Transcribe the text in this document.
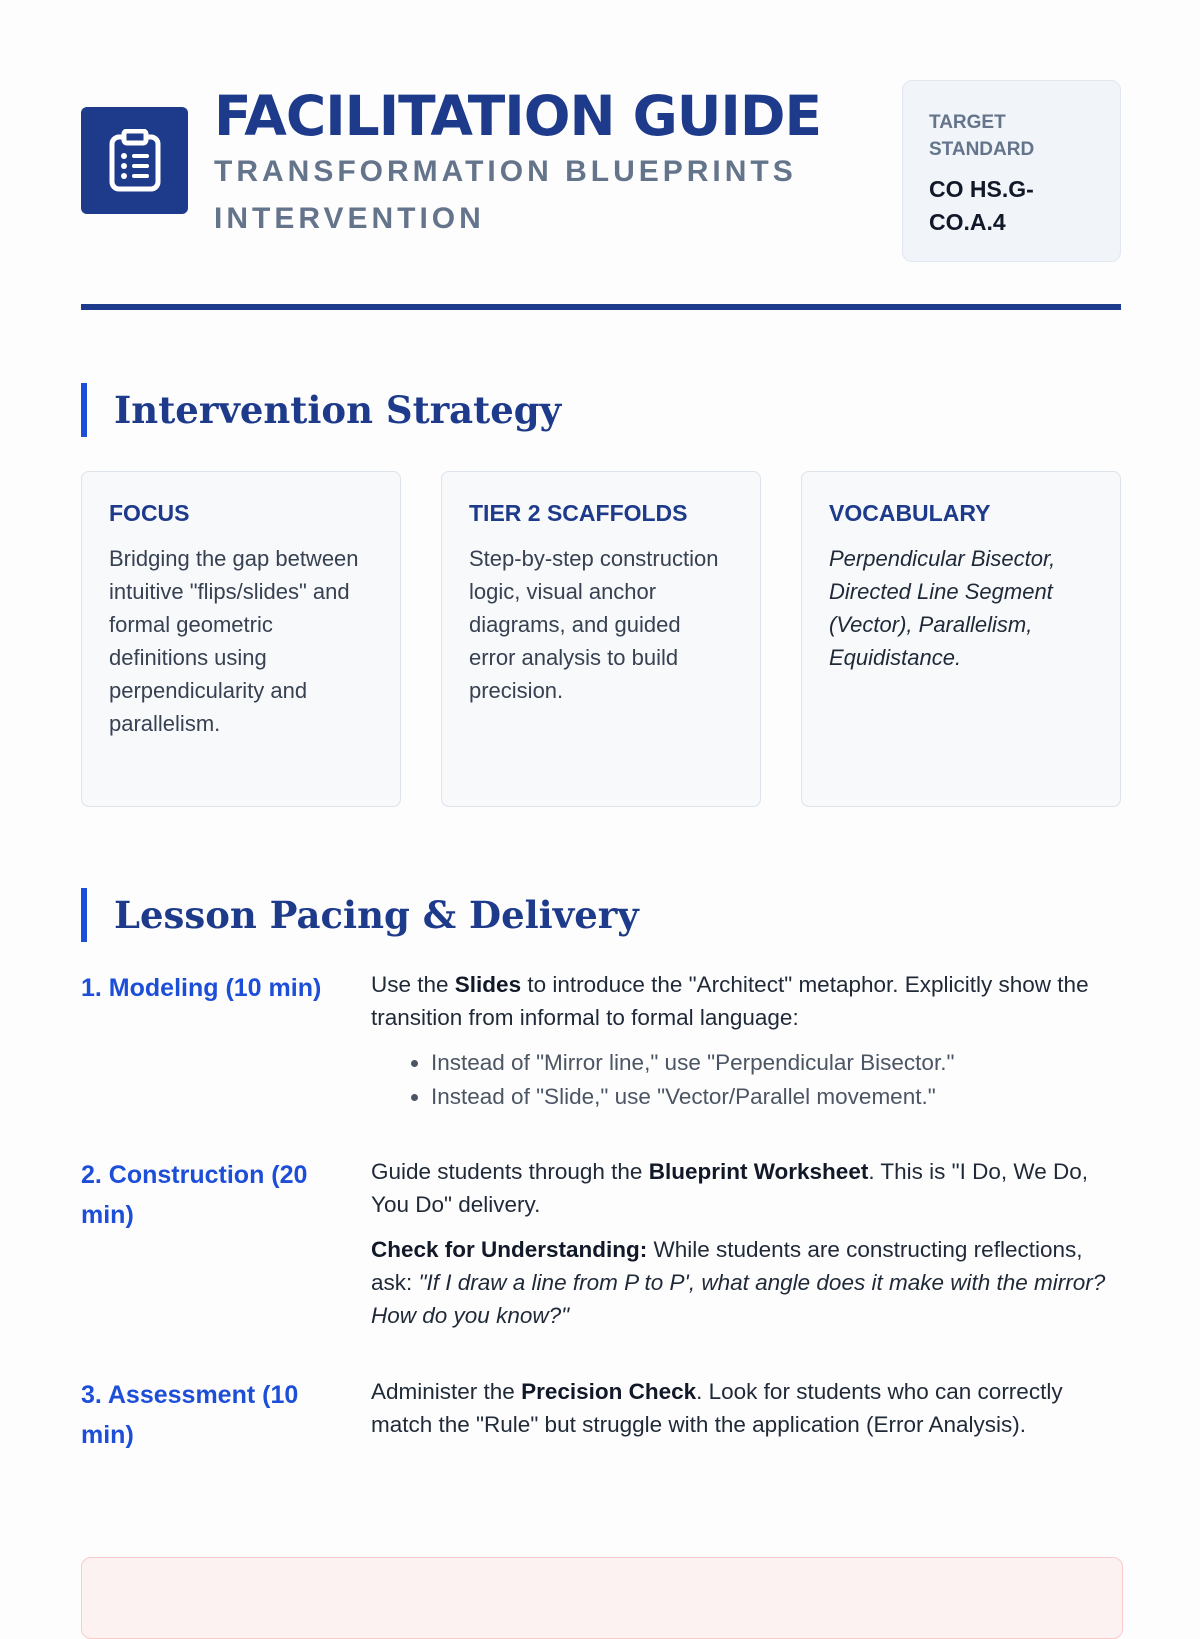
FACILITATION GUIDE
TRANSFORMATION BLUEPRINTS INTERVENTION
TARGET STANDARD
CO HS.G-CO.A.4
Intervention Strategy
FOCUS
Bridging the gap between intuitive "flips/slides" and formal geometric definitions using perpendicularity and parallelism.
TIER 2 SCAFFOLDS
Step-by-step construction logic, visual anchor diagrams, and guided error analysis to build precision.
VOCABULARY
Perpendicular Bisector, Directed Line Segment (Vector), Parallelism, Equidistance.
Lesson Pacing & Delivery
1. Modeling (10 min)	Use the Slides to introduce the "Architect" metaphor. Explicitly show the transition from informal to formal language:

• Instead of "Mirror line," use "Perpendicular Bisector."
• Instead of "Slide," use "Vector/Parallel movement."
2. Construction (20 min)

Guide students through the Blueprint Worksheet. This is "I Do, We Do, You Do" delivery.

Check for Understanding: While students are constructing reflections, ask: "If I draw a line from P to P', what angle does it make with the mirror? How do you know?"

3. Assessment (10 min)

Administer the Precision Check. Look for students who can correctly match the "Rule" but struggle with the application (Error Analysis).
